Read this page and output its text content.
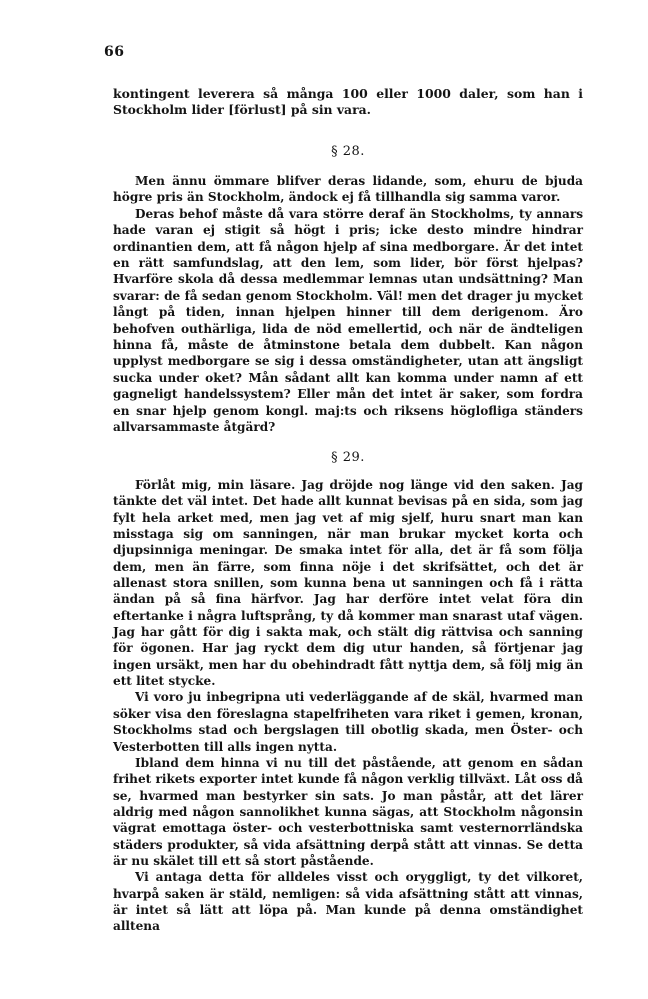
66

kontingent leverera så många 100 eller 1000 daler, som han i Stockholm lider [förlust] på sin vara.

§ 28.

Men ännu ömmare blifver deras lidande, som, ehuru de bjuda högre pris än Stockholm, ändock ej få tillhandla sig samma varor.

Deras behof måste då vara större deraf än Stockholms, ty annars hade varan ej stigit så högt i pris; icke desto mindre hindrar ordinantien dem, att få någon hjelp af sina medborgare. Är det intet en rätt samfundslag, att den lem, som lider, bör först hjelpas? Hvarföre skola då dessa medlemmar lemnas utan undsättning? Man svarar: de få sedan genom Stockholm. Väl! men det drager ju mycket långt på tiden, innan hjelpen hinner till dem derigenom. Äro behofven outhärliga, lida de nöd emellertid, och när de ändteligen hinna få, måste de åtminstone betala dem dubbelt. Kan någon upplyst medborgare se sig i dessa omständigheter, utan att ängsligt sucka under oket? Mån sådant allt kan komma under namn af ett gagneligt handelssystem? Eller mån det intet är saker, som fordra en snar hjelp genom kongl. maj:ts och riksens höglofliga ständers allvarsammaste åtgärd?

§ 29.

Förlåt mig, min läsare. Jag dröjde nog länge vid den saken. Jag tänkte det väl intet. Det hade allt kunnat bevisas på en sida, som jag fylt hela arket med, men jag vet af mig sjelf, huru snart man kan misstaga sig om sanningen, när man brukar mycket korta och djupsinniga meningar. De smaka intet för alla, det är få som följa dem, men än färre, som finna nöje i det skrifsättet, och det är allenast stora snillen, som kunna bena ut sanningen och få i rätta ändan på så fina härfvor. Jag har derföre intet velat föra din eftertanke i några luftsprång, ty då kommer man snarast utaf vägen. Jag har gått för dig i sakta mak, och stält dig rättvisa och sanning för ögonen. Har jag ryckt dem dig utur handen, så förtjenar jag ingen ursäkt, men har du obehindradt fått nyttja dem, så följ mig än ett litet stycke.

Vi voro ju inbegripna uti vederläggande af de skäl, hvarmed man söker visa den föreslagna stapelfriheten vara riket i gemen, kronan, Stockholms stad och bergslagen till obotlig skada, men Öster- och Vesterbotten till alls ingen nytta.

Ibland dem hinna vi nu till det påstående, att genom en sådan frihet rikets exporter intet kunde få någon verklig tillväxt. Låt oss då se, hvarmed man bestyrker sin sats. Jo man påstår, att det lärer aldrig med någon sannolikhet kunna sägas, att Stockholm någonsin vägrat emottaga öster- och vesterbottniska samt vesternorrländska städers produkter, så vida afsättning derpå stått att vinnas. Se detta är nu skälet till ett så stort påstående.

Vi antaga detta för alldeles visst och oryggligt, ty det vilkoret, hvarpå saken är stäld, nemligen: så vida afsättning stått att vinnas, är intet så lätt att löpa på. Man kunde på denna omständighet alltena
